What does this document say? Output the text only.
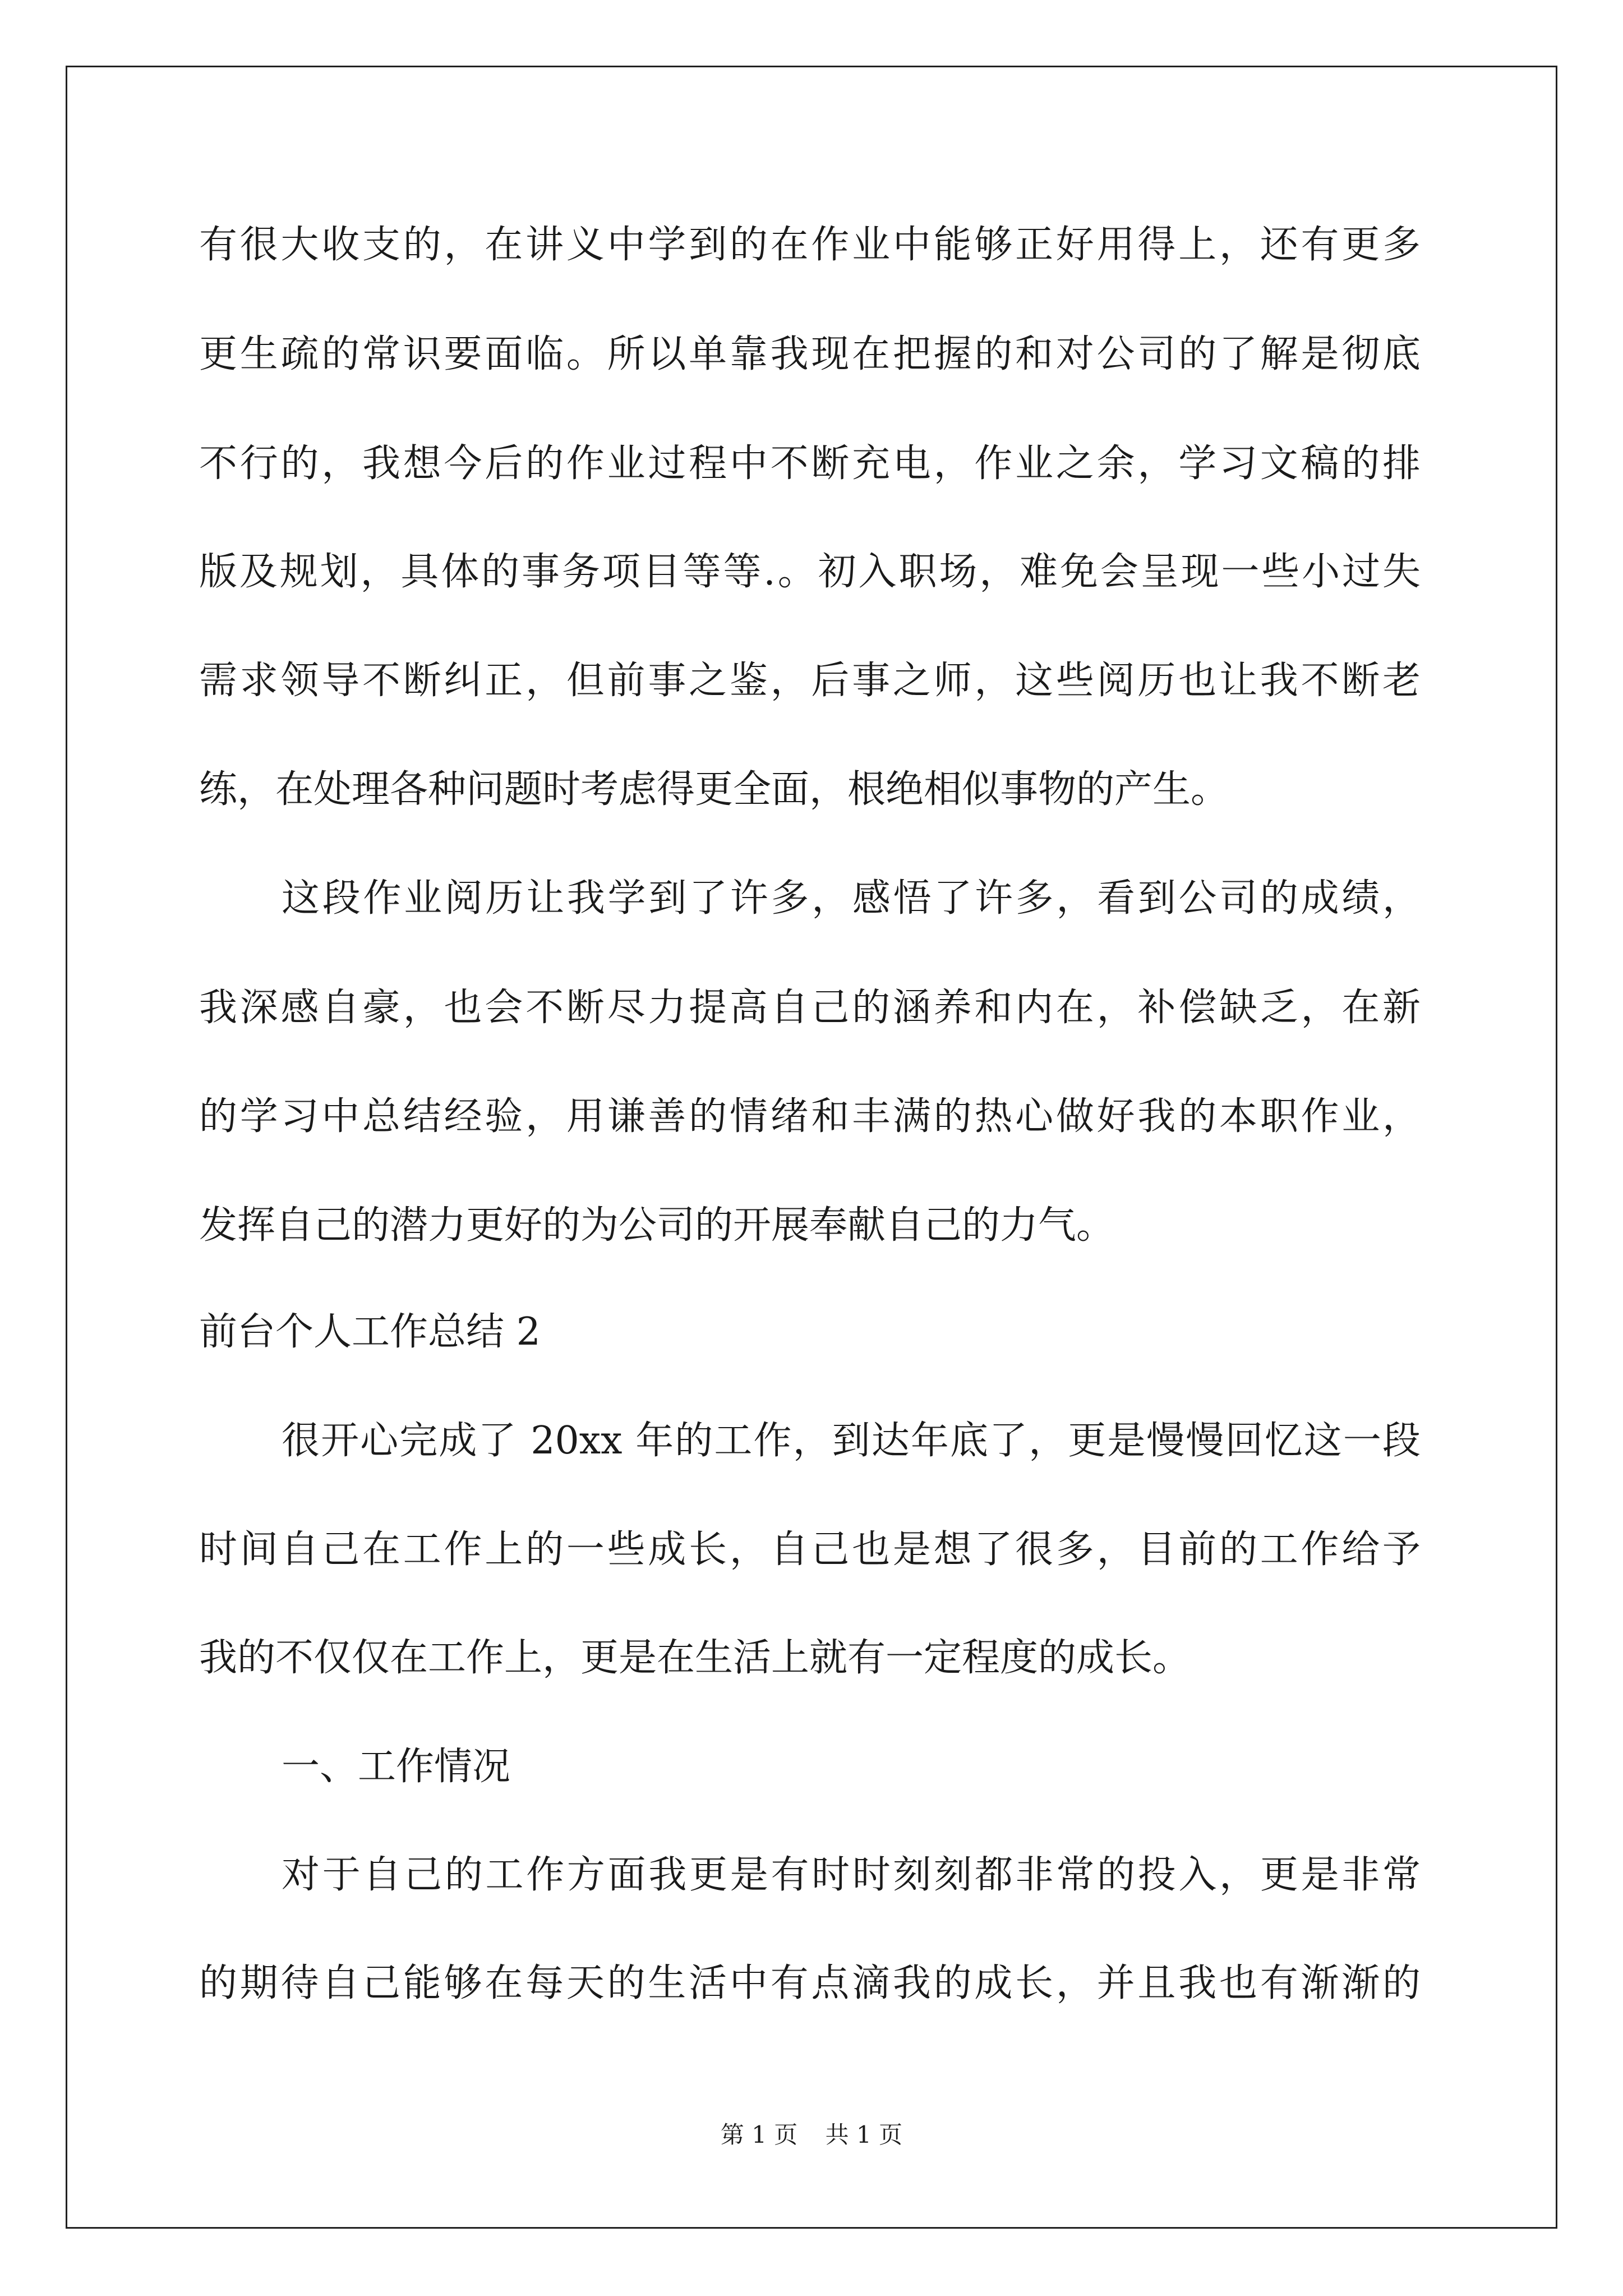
有很大收支的，在讲义中学到的在作业中能够正好用得上，还有更多

更生疏的常识要面临。所以单靠我现在把握的和对公司的了解是彻底

不行的，我想今后的作业过程中不断充电，作业之余，学习文稿的排

版及规划，具体的事务项目等等.。初入职场，难免会呈现一些小过失

需求领导不断纠正，但前事之鉴，后事之师，这些阅历也让我不断老

练，在处理各种问题时考虑得更全面，根绝相似事物的产生。

这段作业阅历让我学到了许多，感悟了许多，看到公司的成绩，

我深感自豪，也会不断尽力提高自己的涵养和内在，补偿缺乏，在新

的学习中总结经验，用谦善的情绪和丰满的热心做好我的本职作业，

发挥自己的潜力更好的为公司的开展奉献自己的力气。

前台个人工作总结 2

很开心完成了 20xx 年的工作，到达年底了，更是慢慢回忆这一段

时间自己在工作上的一些成长，自己也是想了很多，目前的工作给予

我的不仅仅在工作上，更是在生活上就有一定程度的成长。

一、工作情况

对于自己的工作方面我更是有时时刻刻都非常的投入，更是非常

的期待自己能够在每天的生活中有点滴我的成长，并且我也有渐渐的

第 1 页 共 1 页
